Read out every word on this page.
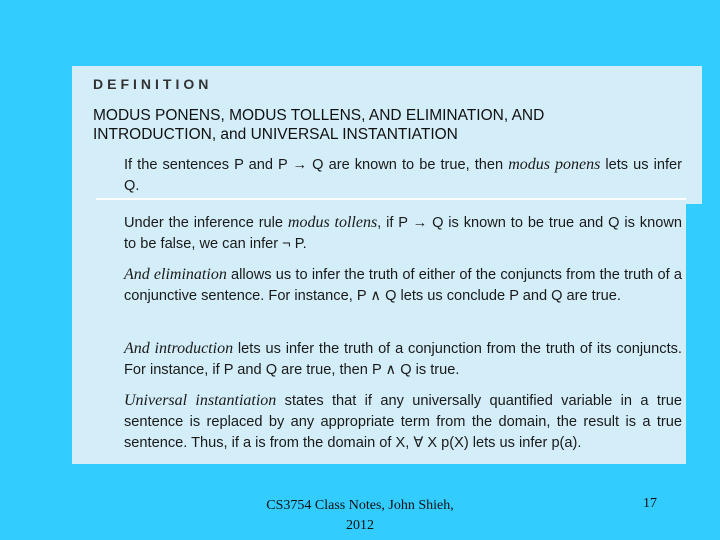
DEFINITION
MODUS PONENS, MODUS TOLLENS, AND ELIMINATION, AND INTRODUCTION, and UNIVERSAL INSTANTIATION
If the sentences P and P → Q are known to be true, then modus ponens lets us infer Q.
Under the inference rule modus tollens, if P → Q is known to be true and Q is known to be false, we can infer ¬ P.
And elimination allows us to infer the truth of either of the conjuncts from the truth of a conjunctive sentence. For instance, P ∧ Q lets us conclude P and Q are true.
And introduction lets us infer the truth of a conjunction from the truth of its conjuncts. For instance, if P and Q are true, then P ∧ Q is true.
Universal instantiation states that if any universally quantified variable in a true sentence is replaced by any appropriate term from the domain, the result is a true sentence. Thus, if a is from the domain of X, ∀ X p(X) lets us infer p(a).
CS3754 Class Notes, John Shieh,
2012
17
